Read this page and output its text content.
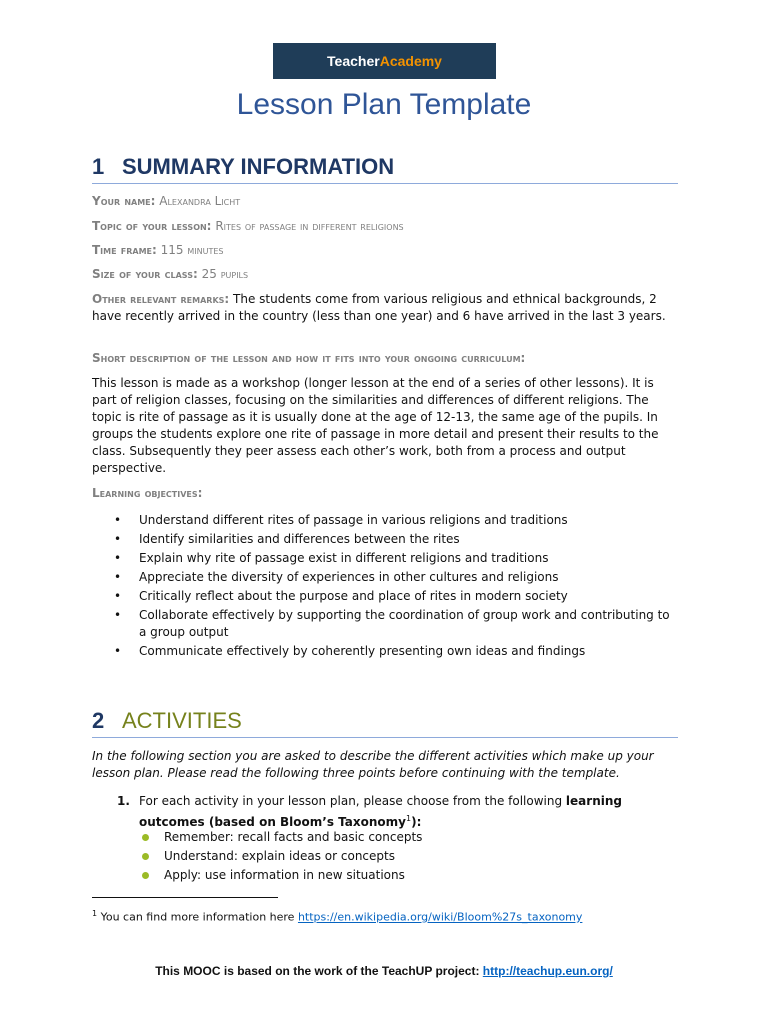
Teacher Academy
Lesson Plan Template
1 SUMMARY INFORMATION
Your name: Alexandra Licht
Topic of your lesson: Rites of passage in different religions
Time frame: 115 minutes
Size of your class: 25 pupils
Other relevant remarks: The students come from various religious and ethnical backgrounds, 2 have recently arrived in the country (less than one year) and 6 have arrived in the last 3 years.
Short description of the lesson and how it fits into your ongoing curriculum:
This lesson is made as a workshop (longer lesson at the end of a series of other lessons). It is part of religion classes, focusing on the similarities and differences of different religions. The topic is rite of passage as it is usually done at the age of 12-13, the same age of the pupils. In groups the students explore one rite of passage in more detail and present their results to the class. Subsequently they peer assess each other’s work, both from a process and output perspective.
Learning objectives:
• Understand different rites of passage in various religions and traditions
• Identify similarities and differences between the rites
• Explain why rite of passage exist in different religions and traditions
• Appreciate the diversity of experiences in other cultures and religions
• Critically reflect about the purpose and place of rites in modern society
• Collaborate effectively by supporting the coordination of group work and contributing to a group output
• Communicate effectively by coherently presenting own ideas and findings
2 ACTIVITIES
In the following section you are asked to describe the different activities which make up your lesson plan. Please read the following three points before continuing with the template.
1. For each activity in your lesson plan, please choose from the following learning outcomes (based on Bloom’s Taxonomy$^1$):
Remember: recall facts and basic concepts
Understand: explain ideas or concepts
Apply: use information in new situations
$^1$ You can find more information here https://en.wikipedia.org/wiki/Bloom%27s_taxonomy
This MOOC is based on the work of the TeachUP project: http://teachup.eun.org/
